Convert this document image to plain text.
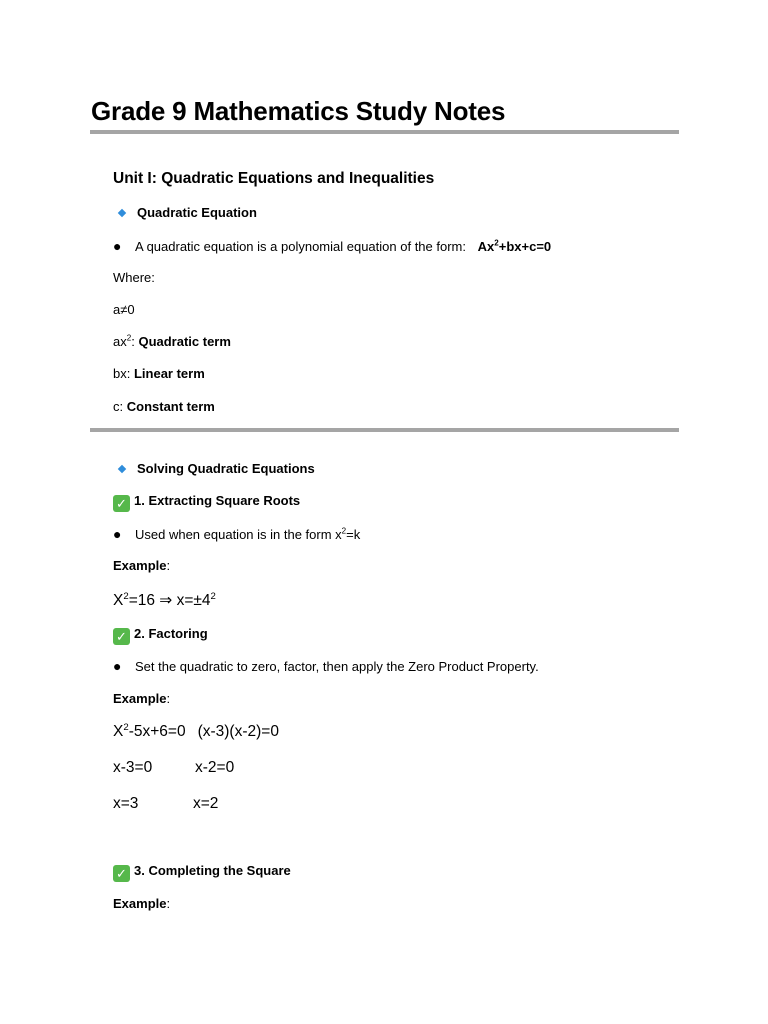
Grade 9 Mathematics Study Notes
Unit I: Quadratic Equations and Inequalities
Quadratic Equation
● A quadratic equation is a polynomial equation of the form: $Ax^2+bx+c=0$
Where:
a≠0
$ax^2$: Quadratic term
bx: Linear term
c: Constant term
Solving Quadratic Equations
✓ 1. Extracting Square Roots
● Used when equation is in the form $x^2=k$
Example:
$X^2=16$ ⇒ $x=\pm 4^2$
✓ 2. Factoring
● Set the quadratic to zero, factor, then apply the Zero Product Property.
Example:
$X^2-5x+6=0$ (x-3)(x-2)=0
x-3=0	x-2=0
x=3	x=2
✓ 3. Completing the Square
Example:
